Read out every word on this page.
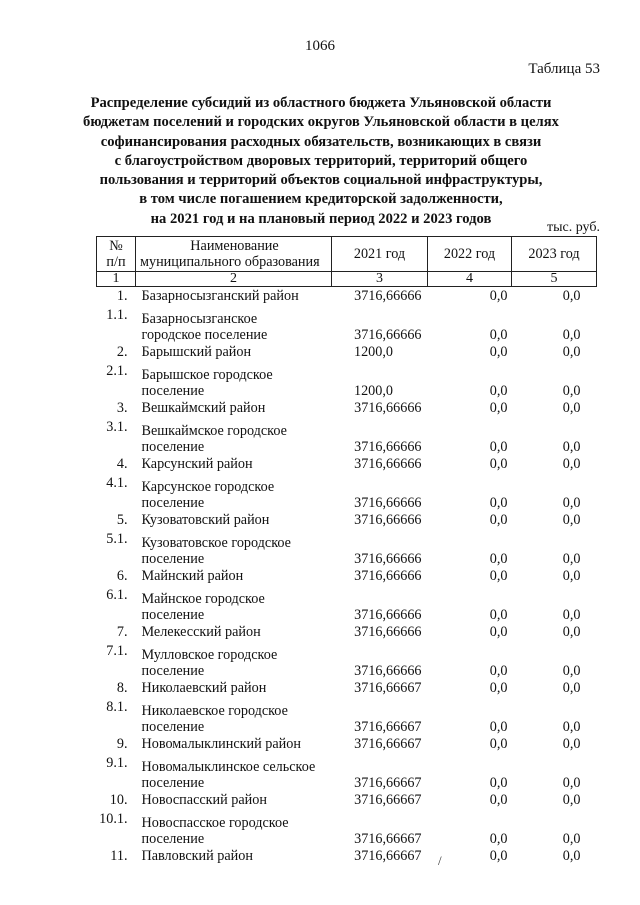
1066
Таблица 53
Распределение субсидий из областного бюджета Ульяновской области
бюджетам поселений и городских округов Ульяновской области в целях
софинансирования расходных обязательств, возникающих в связи
с благоустройством дворовых территорий, территорий общего
пользования и территорий объектов социальной инфраструктуры,
в том числе погашением кредиторской задолженности,
на 2021 год и на плановый период 2022 и 2023 годов
тыс. руб.
№
п/п	Наименование
муниципального образования	2021 год	2022 год	2023 год
1	2	3	4	5
1.	Базарносызганский район	3716,66666	0,0	0,0
1.1.	Базарносызганское
городское поселение	3716,66666	0,0	0,0
2.	Барышский район	1200,0	0,0	0,0
2.1.	Барышское городское
поселение	1200,0	0,0	0,0
3.	Вешкаймский район	3716,66666	0,0	0,0
3.1.	Вешкаймское городское
поселение	3716,66666	0,0	0,0
4.	Карсунский район	3716,66666	0,0	0,0
4.1.	Карсунское городское
поселение	3716,66666	0,0	0,0
5.	Кузоватовский район	3716,66666	0,0	0,0
5.1.	Кузоватовское городское
поселение	3716,66666	0,0	0,0
6.	Майнский район	3716,66666	0,0	0,0
6.1.	Майнское городское
поселение	3716,66666	0,0	0,0
7.	Мелекесский район	3716,66666	0,0	0,0
7.1.	Мулловское городское
поселение	3716,66666	0,0	0,0
8.	Николаевский район	3716,66667	0,0	0,0
8.1.	Николаевское городское
поселение	3716,66667	0,0	0,0
9.	Новомалыклинский район	3716,66667	0,0	0,0
9.1.	Новомалыклинское сельское
поселение	3716,66667	0,0	0,0
10.	Новоспасский район	3716,66667	0,0	0,0
10.1.	Новоспасское городское
поселение	3716,66667	0,0	0,0
11.	Павловский район	3716,66667	0,0	0,0
/
